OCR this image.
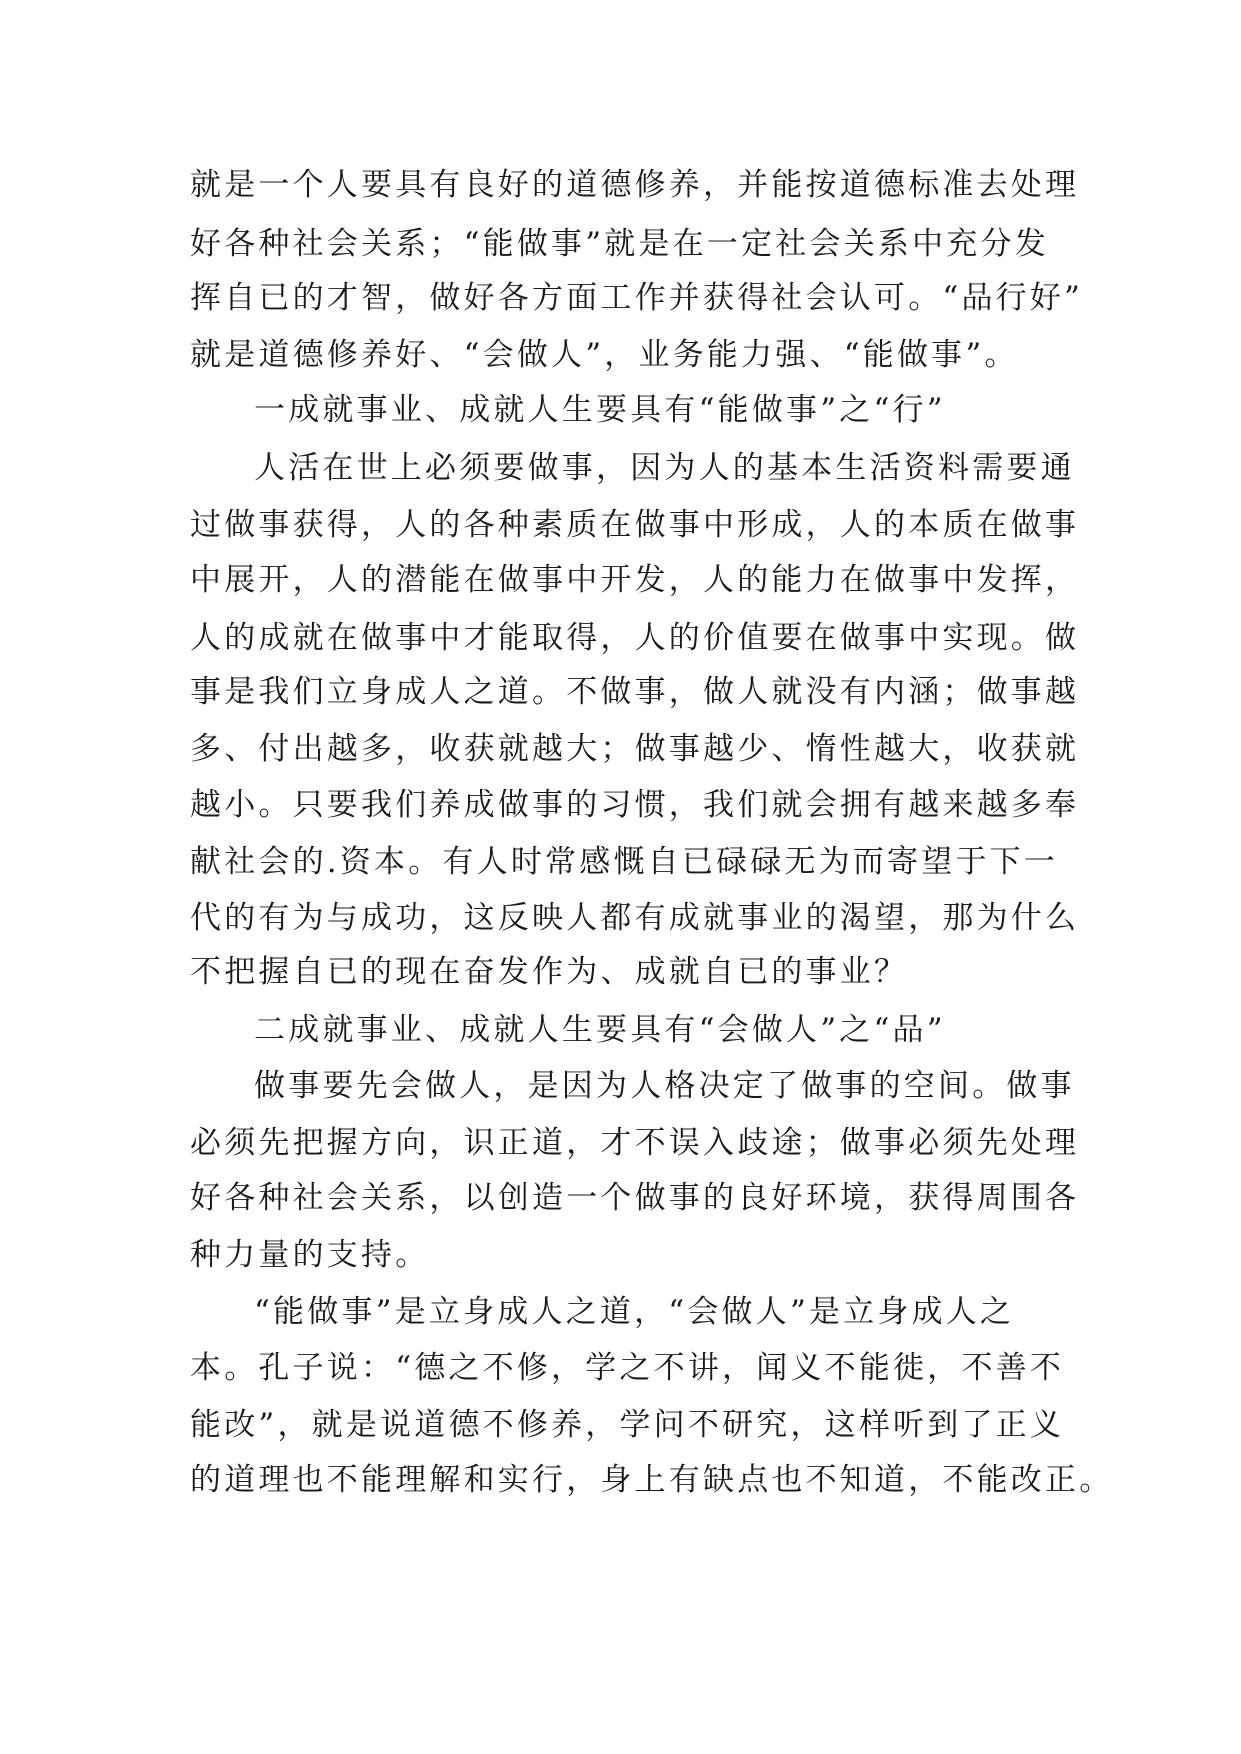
就是一个人要具有良好的道德修养，并能按道德标准去处理
好各种社会关系；“能做事”就是在一定社会关系中充分发
挥自已的才智，做好各方面工作并获得社会认可。“品行好”
就是道德修养好、“会做人”，业务能力强、“能做事”。
一成就事业、成就人生要具有“能做事”之“行”
人活在世上必须要做事，因为人的基本生活资料需要通
过做事获得，人的各种素质在做事中形成，人的本质在做事
中展开，人的潜能在做事中开发，人的能力在做事中发挥，
人的成就在做事中才能取得，人的价值要在做事中实现。做
事是我们立身成人之道。不做事，做人就没有内涵；做事越
多、付出越多，收获就越大；做事越少、惰性越大，收获就
越小。只要我们养成做事的习惯，我们就会拥有越来越多奉
献社会的.资本。有人时常感慨自已碌碌无为而寄望于下一
代的有为与成功，这反映人都有成就事业的渴望，那为什么
不把握自已的现在奋发作为、成就自已的事业？
二成就事业、成就人生要具有“会做人”之“品”
做事要先会做人，是因为人格决定了做事的空间。做事
必须先把握方向，识正道，才不误入歧途；做事必须先处理
好各种社会关系，以创造一个做事的良好环境，获得周围各
种力量的支持。
“能做事”是立身成人之道，“会做人”是立身成人之
本。孔子说：“德之不修，学之不讲，闻义不能徙，不善不
能改”，就是说道德不修养，学问不研究，这样听到了正义
的道理也不能理解和实行，身上有缺点也不知道，不能改正。
